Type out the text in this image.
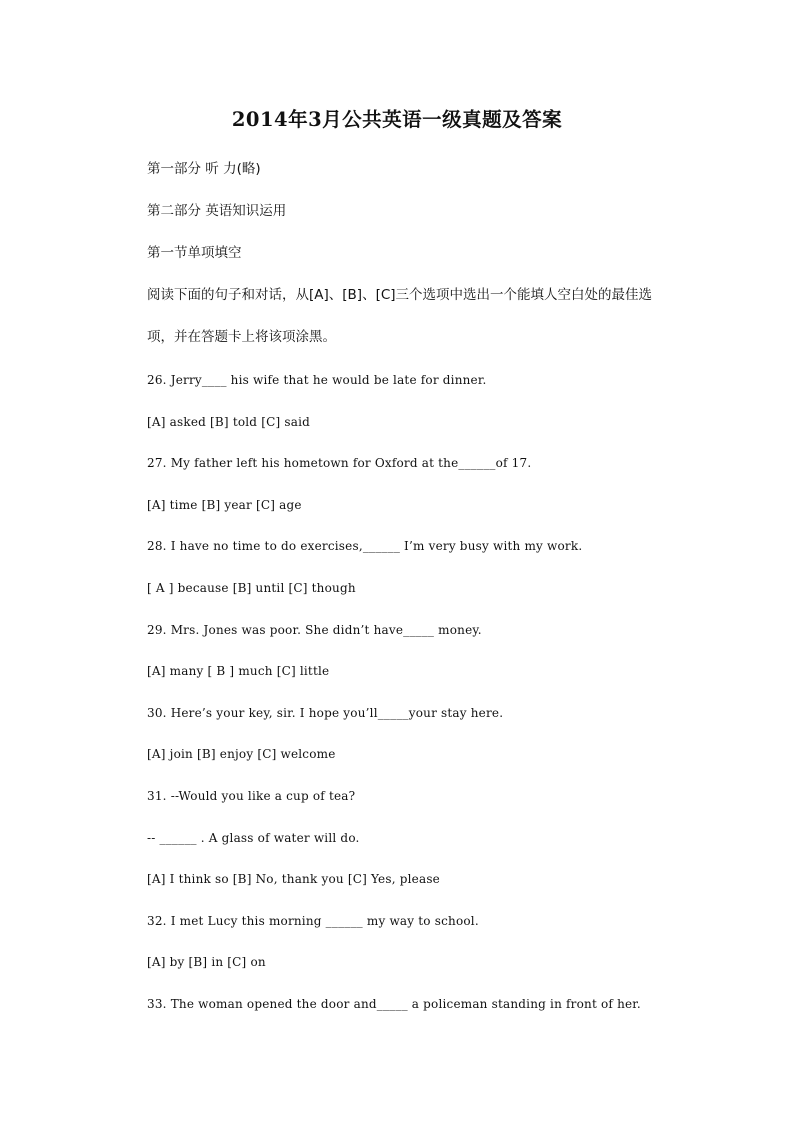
2014年3月公共英语一级真题及答案
第一部分 听 力(略)
第二部分 英语知识运用
第一节单项填空
阅读下面的句子和对话，从[A]、[B]、[C]三个选项中选出一个能填人空白处的最佳选
项，并在答题卡上将该项涂黑。
26. Jerry____ his wife that he would be late for dinner.
[A] asked [B] told [C] said
27. My father left his hometown for Oxford at the______of 17.
[A] time [B] year [C] age
28. I have no time to do exercises,______ I’m very busy with my work.
[ A ] because [B] until [C] though
29. Mrs. Jones was poor. She didn’t have_____ money.
[A] many [ B ] much [C] little
30. Here’s your key, sir. I hope you’ll_____your stay here.
[A] join [B] enjoy [C] welcome
31. --Would you like a cup of tea?
-- ______ . A glass of water will do.
[A] I think so [B] No, thank you [C] Yes, please
32. I met Lucy this morning ______ my way to school.
[A] by [B] in [C] on
33. The woman opened the door and_____ a policeman standing in front of her.
